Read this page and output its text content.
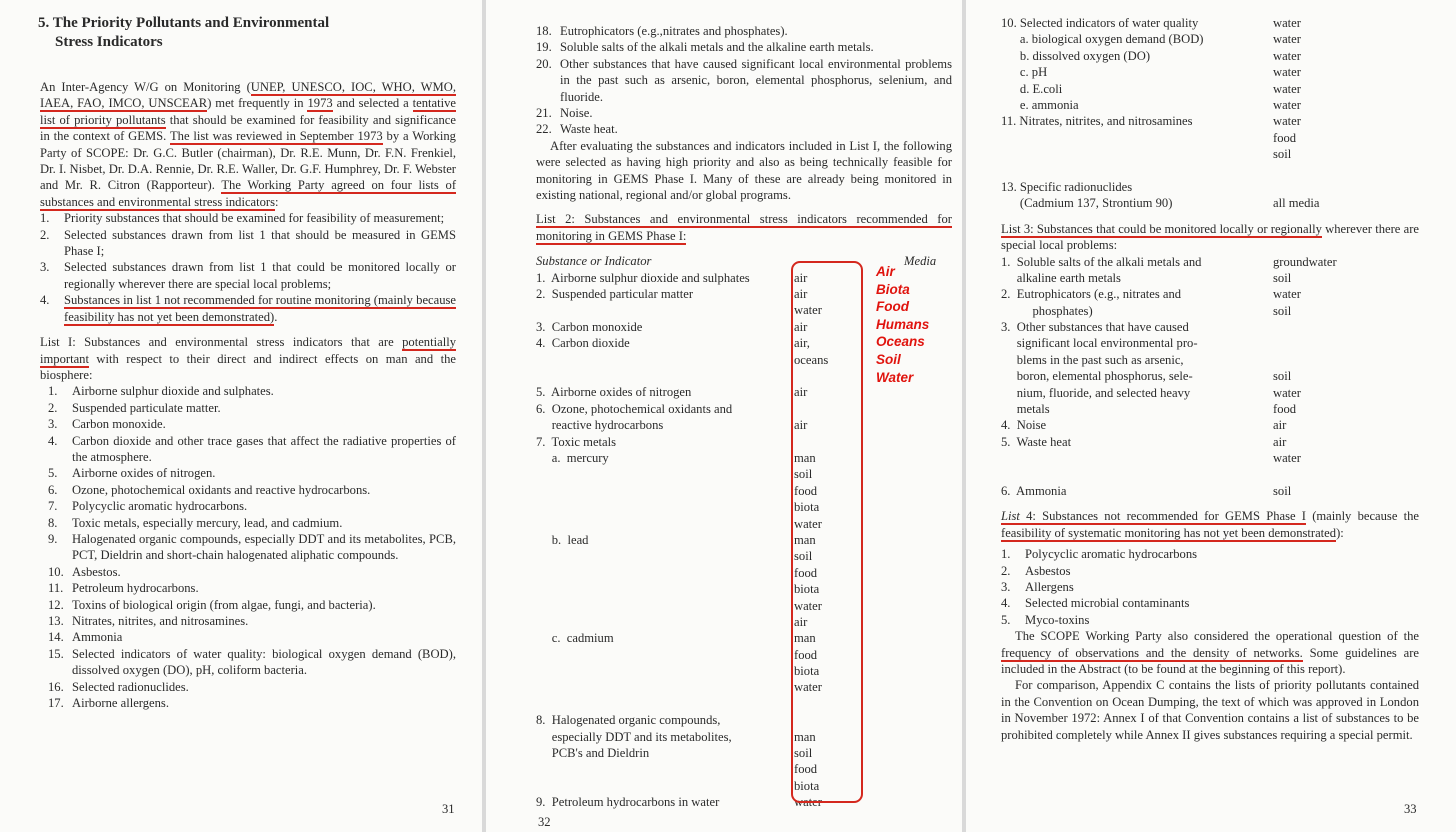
5. The Priority Pollutants and Environmental
Stress Indicators

An Inter-Agency W/G on Monitoring (UNEP, UNESCO, IOC, WHO, WMO, IAEA, FAO, IMCO, UNSCEAR) met frequently in 1973 and selected a tentative list of priority pollutants that should be examined for feasibility and significance in the context of GEMS. The list was reviewed in September 1973 by a Working Party of SCOPE: Dr. G.C. Butler (chairman), Dr. R.E. Munn, Dr. F.N. Frenkiel, Dr. I. Nisbet, Dr. D.A. Rennie, Dr. R.E. Waller, Dr. G.F. Humphrey, Dr. F. Webster and Mr. R. Citron (Rapporteur). The Working Party agreed on four lists of substances and environmental stress indicators:

1.	Priority substances that should be examined for feasibility of measurement;
2.	Selected substances drawn from list 1 that should be measured in GEMS Phase I;
3.	Selected substances drawn from list 1 that could be monitored locally or regionally wherever there are special local problems;
4.	Substances in list 1 not recommended for routine monitoring (mainly because feasibility has not yet been demonstrated).

List I: Substances and environmental stress indicators that are potentially important with respect to their direct and indirect effects on man and the biosphere:

1.	Airborne sulphur dioxide and sulphates.
2.	Suspended particulate matter.
3.	Carbon monoxide.
4.	Carbon dioxide and other trace gases that affect the radiative properties of the atmosphere.
5.	Airborne oxides of nitrogen.
6.	Ozone, photochemical oxidants and reactive hydrocarbons.
7.	Polycyclic aromatic hydrocarbons.
8.	Toxic metals, especially mercury, lead, and cadmium.
9.	Halogenated organic compounds, especially DDT and its metabolites, PCB, PCT, Dieldrin and short-chain halogenated aliphatic compounds.
10. Asbestos.
11. Petroleum hydrocarbons.
12. Toxins of biological origin (from algae, fungi, and bacteria).
13. Nitrates, nitrites, and nitrosamines.
14. Ammonia
15. Selected indicators of water quality: biological oxygen demand (BOD), dissolved oxygen (DO), pH, coliform bacteria.
16. Selected radionuclides.
17. Airborne allergens.
31
18. Eutrophicators (e.g.,nitrates and phosphates).
19. Soluble salts of the alkali metals and the alkaline earth metals.
20. Other substances that have caused significant local environmental problems in the past such as arsenic, boron, elemental phosphorus, selenium, and fluoride.
21. Noise.
22. Waste heat.

After evaluating the substances and indicators included in List I, the following were selected as having high priority and also as being technically feasible for monitoring in GEMS Phase I. Many of these are already being monitored in existing national, regional and/or global programs.

List 2: Substances and environmental stress indicators recommended for monitoring in GEMS Phase I:

Substance or Indicator	Media
1.  Airborne sulphur dioxide and sulphates	air
2.  Suspended particular matter	air
water
3.  Carbon monoxide	air
4.  Carbon dioxide	air,
oceans
5.  Airborne oxides of nitrogen	air
6.  Ozone, photochemical oxidants and
reactive hydrocarbons	air
7.  Toxic metals
a.  mercury	man
soil
food
biota
water
b.  lead	man
soil
food
biota
water
air
c.  cadmium	man
food
biota
water
8.  Halogenated organic compounds,
especially DDT and its metabolites,	man
PCB's and Dieldrin	soil
food
biota
9.  Petroleum hydrocarbons in water	water
Air
Biota
Food
Humans
Oceans
Soil
Water
32
10. Selected indicators of water quality	water
a. biological oxygen demand (BOD)	water
b. dissolved oxygen (DO)	water
c. pH	water
d. E.coli	water
e. ammonia	water
11. Nitrates, nitrites, and nitrosamines	water
food
soil
13. Specific radionuclides
(Cadmium 137, Strontium 90)	all media

List 3: Substances that could be monitored locally or regionally wherever there are special local problems:

1.  Soluble salts of the alkali metals and	groundwater
alkaline earth metals	soil
2.  Eutrophicators (e.g., nitrates and	water
phosphates)	soil
3.  Other substances that have caused
significant local environmental pro-
blems in the past such as arsenic,
boron, elemental phosphorus, sele-	soil
nium, fluoride, and selected heavy	water
metals	food
4.  Noise	air
5.  Waste heat	air
water
6.  Ammonia	soil

List 4: Substances not recommended for GEMS Phase I (mainly because the feasibility of systematic monitoring has not yet been demonstrated):

1.	Polycyclic aromatic hydrocarbons
2.	Asbestos
3.	Allergens
4.	Selected microbial contaminants
5.	Myco-toxins

The SCOPE Working Party also considered the operational question of the frequency of observations and the density of networks. Some guidelines are included in the Abstract (to be found at the beginning of this report).

For comparison, Appendix C contains the lists of priority pollutants contained in the Convention on Ocean Dumping, the text of which was approved in London in November 1972: Annex I of that Convention contains a list of substances to be prohibited completely while Annex II gives substances requiring a special permit.

33
